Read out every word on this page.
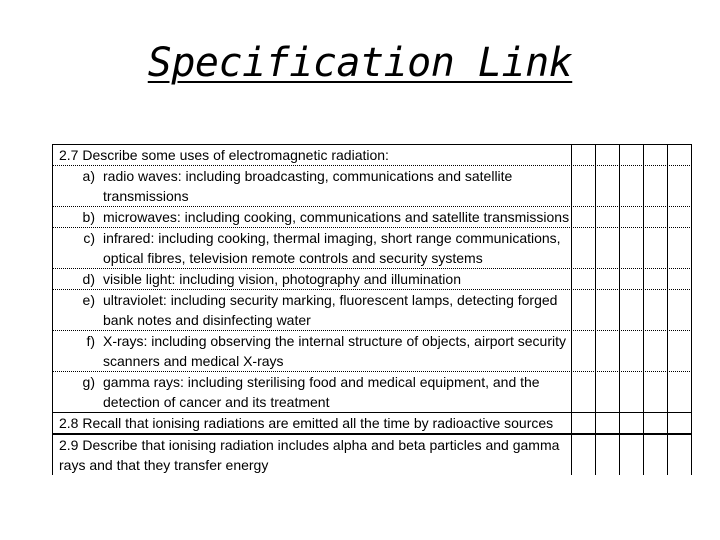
Specification Link
2.7 Describe some uses of electromagnetic radiation:
a) radio waves: including broadcasting, communications and satellite transmissions
b) microwaves: including cooking, communications and satellite transmissions
c) infrared: including cooking, thermal imaging, short range communications, optical fibres, television remote controls and security systems
d) visible light: including vision, photography and illumination
e) ultraviolet: including security marking, fluorescent lamps, detecting forged bank notes and disinfecting water
f) X-rays: including observing the internal structure of objects, airport security scanners and medical X-rays
g) gamma rays: including sterilising food and medical equipment, and the detection of cancer and its treatment
2.8 Recall that ionising radiations are emitted all the time by radioactive sources
2.9 Describe that ionising radiation includes alpha and beta particles and gamma rays and that they transfer energy
